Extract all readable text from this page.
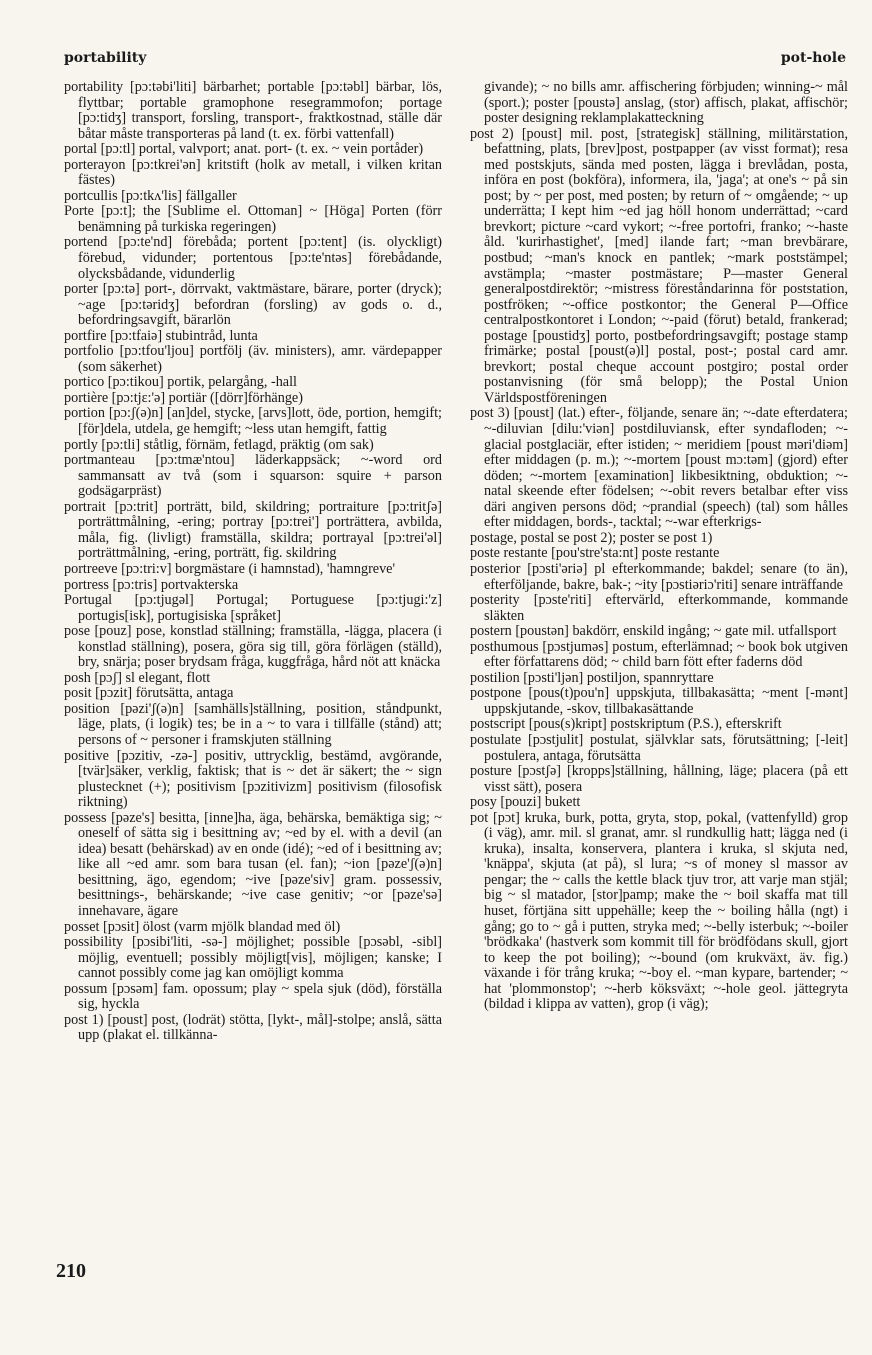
portability	pot-hole

portability [pɔ:təbi'liti] bärbarhet; portable [pɔ:təbl] bärbar, lös, flyttbar; portable gramophone resegrammofon; portage [pɔ:tidʒ] transport, forsling, transport-, fraktkostnad, ställe där båtar måste transporteras på land (t. ex. förbi vattenfall)

portal [pɔ:tl] portal, valvport; anat. port- (t. ex. ~ vein portåder)

porterayon [pɔ:tkrei'ən] kritstift (holk av metall, i vilken kritan fästes)

portcullis [pɔ:tkʌ'lis] fällgaller

Porte [pɔ:t]; the [Sublime el. Ottoman] ~ [Höga] Porten (förr benämning på turkiska regeringen)

portend [pɔ:te'nd] förebåda; portent [pɔ:tent] (is. olyckligt) förebud, vidunder; portentous [pɔ:te'ntəs] förebådande, olycksbådande, vidunderlig

porter [pɔ:tə] port-, dörrvakt, vaktmästare, bärare, porter (dryck); ~age [pɔ:təridʒ] befordran (forsling) av gods o. d., befordringsavgift, bärarlön

portfire [pɔ:tfaiə] stubintråd, lunta

portfolio [pɔ:tfou'ljou] portfölj (äv. ministers), amr. värdepapper (som säkerhet)

portico [pɔ:tikou] portik, pelargång, -hall

portière [pɔ:tjɛ:'ə] portiär ([dörr]förhänge)

portion [pɔ:ʃ(ə)n] [an]del, stycke, [arvs]lott, öde, portion, hemgift; [för]dela, utdela, ge hemgift; ~less utan hemgift, fattig

portly [pɔ:tli] ståtlig, förnäm, fetlagd, präktig (om sak)

portmanteau [pɔ:tmæ'ntou] läderkappsäck; ~-word ord sammansatt av två (som i squarson: squire + parson godsägarpräst)

portrait [pɔ:trit] porträtt, bild, skildring; portraiture [pɔ:tritʃə] porträttmålning, -ering; portray [pɔ:trei'] porträttera, avbilda, måla, fig. (livligt) framställa, skildra; portrayal [pɔ:trei'əl] porträttmålning, -ering, porträtt, fig. skildring

portreeve [pɔ:tri:v] borgmästare (i hamnstad), 'hamngreve'

portress [pɔ:tris] portvakterska

Portugal [pɔ:tjugəl] Portugal; Portuguese [pɔ:tjugi:'z] portugis[isk], portugisiska [språket]

pose [pouz] pose, konstlad ställning; framställa, -lägga, placera (i konstlad ställning), posera, göra sig till, göra förlägen (ställd), bry, snärja; poser brydsam fråga, kuggfråga, hård nöt att knäcka

posh [pɔʃ] sl elegant, flott

posit [pɔzit] förutsätta, antaga

position [pəzi'ʃ(ə)n] [samhälls]ställning, position, ståndpunkt, läge, plats, (i logik) tes; be in a ~ to vara i tillfälle (stånd) att; persons of ~ personer i framskjuten ställning

positive [pɔzitiv, -zə-] positiv, uttrycklig, bestämd, avgörande, [tvär]säker, verklig, faktisk; that is ~ det är säkert; the ~ sign plustecknet (+); positivism [pɔzitivizm] positivism (filosofisk riktning)

possess [pəze's] besitta, [inne]ha, äga, behärska, bemäktiga sig; ~ oneself of sätta sig i besittning av; ~ed by el. with a devil (an idea) besatt (behärskad) av en onde (idé); ~ed of i besittning av; like all ~ed amr. som bara tusan (el. fan); ~ion [pəze'ʃ(ə)n] besittning, ägo, egendom; ~ive [pəze'siv] gram. possessiv, besittnings-, behärskande; ~ive case genitiv; ~or [pəze'sə] innehavare, ägare

posset [pɔsit] ölost (varm mjölk blandad med öl)

possibility [pɔsibi'liti, -sə-] möjlighet; possible [pɔsəbl, -sibl] möjlig, eventuell; possibly möjligt[vis], möjligen; kanske; I cannot possibly come jag kan omöjligt komma

possum [pɔsəm] fam. opossum; play ~ spela sjuk (död), förställa sig, hyckla

post 1) [poust] post, (lodrät) stötta, [lykt-, mål]-stolpe; anslå, sätta upp (plakat el. tillkänna-

givande); ~ no bills amr. affischering förbjuden; winning-~ mål (sport.); poster [poustə] anslag, (stor) affisch, plakat, affischör; poster designing reklamplakatteckning

post 2) [poust] mil. post, [strategisk] ställning, militärstation, befattning, plats, [brev]post, postpapper (av visst format); resa med postskjuts, sända med posten, lägga i brevlådan, posta, införa en post (bokföra), informera, ila, 'jaga'; at one's ~ på sin post; by ~ per post, med posten; by return of ~ omgående; ~ up underrätta; I kept him ~ed jag höll honom underrättad; ~card brevkort; picture ~card vykort; ~-free portofri, franko; ~-haste åld. 'kurirhastighet', [med] ilande fart; ~man brevbärare, postbud; ~man's knock en pantlek; ~mark poststämpel; avstämpla; ~master postmästare; P—master General generalpostdirektör; ~mistress föreståndarinna för poststation, postfröken; ~-office postkontor; the General P—Office centralpostkontoret i London; ~-paid (förut) betald, frankerad; postage [poustidʒ] porto, postbefordringsavgift; postage stamp frimärke; postal [poust(ə)l] postal, post-; postal card amr. brevkort; postal cheque account postgiro; postal order postanvisning (för små belopp); the Postal Union Världspostföreningen

post 3) [poust] (lat.) efter-, följande, senare än; ~-date efterdatera; ~-diluvian [dilu:'viən] postdiluviansk, efter syndafloden; ~-glacial postglaciär, efter istiden; ~ meridiem [poust məri'diəm] efter middagen (p. m.); ~-mortem [poust mɔ:təm] (gjord) efter döden; ~-mortem [examination] likbesiktning, obduktion; ~-natal skeende efter födelsen; ~-obit revers betalbar efter viss däri angiven persons död; ~prandial (speech) (tal) som hålles efter middagen, bords-, tacktal; ~-war efterkrigs-

postage, postal se post 2); poster se post 1)

poste restante [pou'stre'sta:nt] poste restante

posterior [pɔsti'əriə] pl efterkommande; bakdel; senare (to än), efterföljande, bakre, bak-; ~ity [pɔstiəriɔ'riti] senare inträffande

posterity [pɔste'riti] eftervärld, efterkommande, kommande släkten

postern [poustən] bakdörr, enskild ingång; ~ gate mil. utfallsport

posthumous [pɔstjuməs] postum, efterlämnad; ~ book bok utgiven efter författarens död; ~ child barn fött efter faderns död

postilion [pɔsti'ljən] postiljon, spannryttare

postpone [pous(t)pou'n] uppskjuta, tillbakasätta; ~ment [-mənt] uppskjutande, -skov, tillbakasättande

postscript [pous(s)kript] postskriptum (P.S.), efterskrift

postulate [pɔstjulit] postulat, självklar sats, förutsättning; [-leit] postulera, antaga, förutsätta

posture [pɔstʃə] [kropps]ställning, hållning, läge; placera (på ett visst sätt), posera

posy [pouzi] bukett

pot [pɔt] kruka, burk, potta, gryta, stop, pokal, (vattenfylld) grop (i väg), amr. mil. sl granat, amr. sl rundkullig hatt; lägga ned (i kruka), insalta, konservera, plantera i kruka, sl skjuta ned, 'knäppa', skjuta (at på), sl lura; ~s of money sl massor av pengar; the ~ calls the kettle black tjuv tror, att varje man stjäl; big ~ sl matador, [stor]pamp; make the ~ boil skaffa mat till huset, förtjäna sitt uppehälle; keep the ~ boiling hålla (ngt) i gång; go to ~ gå i putten, stryka med; ~-belly isterbuk; ~-boiler 'brödkaka' (hastverk som kommit till för brödfödans skull, gjort to keep the pot boiling); ~-bound (om krukväxt, äv. fig.) växande i för trång kruka; ~-boy el. ~man kypare, bartender; ~ hat 'plommonstop'; ~-herb köksväxt; ~-hole geol. jättegryta (bildad i klippa av vatten), grop (i väg);

210
